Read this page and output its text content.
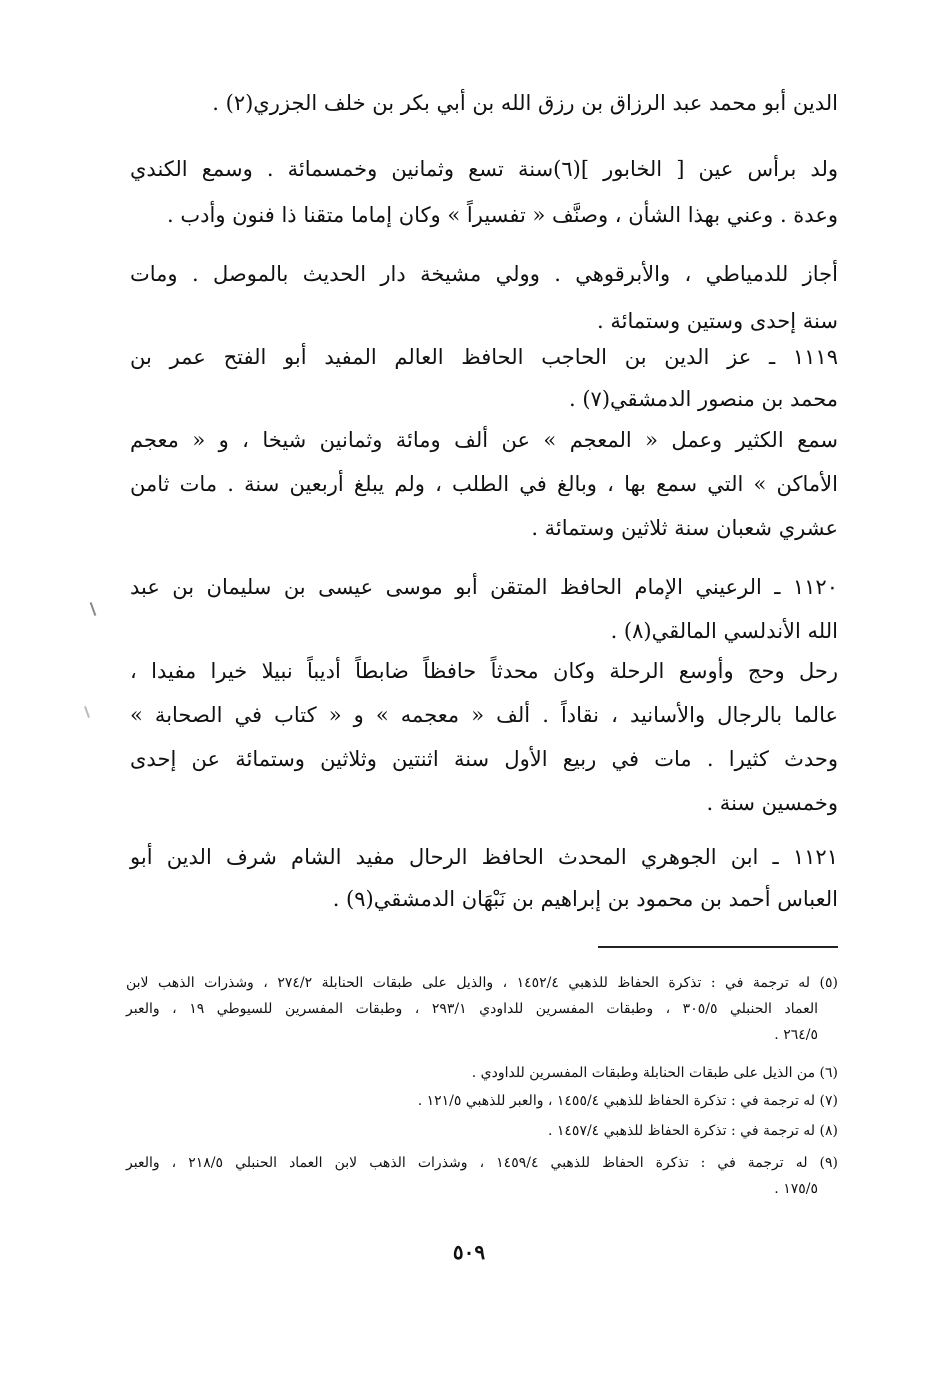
الدين أبو محمد عبد الرزاق بن رزق الله بن أبي بكر بن خلف الجزري(٢) .
ولد برأس عين [ الخابور ](٦)سنة تسع وثمانين وخمسمائة . وسمع الكندي
وعدة . وعني بهذا الشأن ، وصنَّف « تفسيراً » وكان إماما متقنا ذا فنون وأدب .
أجاز للدمياطي ، والأبرقوهي . وولي مشيخة دار الحديث بالموصل . ومات
سنة إحدى وستين وستمائة .
١١١٩ ـ عز الدين بن الحاجب الحافظ العالم المفيد أبو الفتح عمر بن
محمد بن منصور الدمشقي(٧) .
سمع الكثير وعمل « المعجم » عن ألف ومائة وثمانين شيخا ، و « معجم
الأماكن » التي سمع بها ، وبالغ في الطلب ، ولم يبلغ أربعين سنة . مات ثامن
عشري شعبان سنة ثلاثين وستمائة .
١١٢٠ ـ الرعيني الإمام الحافظ المتقن أبو موسى عيسى بن سليمان بن عبد
الله الأندلسي المالقي(٨) .
رحل وحج وأوسع الرحلة وكان محدثاً حافظاً ضابطاً أديباً نبيلا خيرا مفيدا ،
عالما بالرجال والأسانيد ، نقاداً . ألف « معجمه » و « كتاب في الصحابة »
وحدث كثيرا . مات في ربيع الأول سنة اثنتين وثلاثين وستمائة عن إحدى
وخمسين سنة .
١١٢١ ـ ابن الجوهري المحدث الحافظ الرحال مفيد الشام شرف الدين أبو
العباس أحمد بن محمود بن إبراهيم بن نَبْهَان الدمشقي(٩) .
(٥) له ترجمة في : تذكرة الحفاظ للذهبي ١٤٥٢/٤ ، والذيل على طبقات الحنابلة ٢٧٤/٢ ، وشذرات الذهب لابن
العماد الحنبلي ٣٠٥/٥ ، وطبقات المفسرين للداودي ٢٩٣/١ ، وطبقات المفسرين للسيوطي ١٩ ، والعبر
٢٦٤/٥ .
(٦) من الذيل على طبقات الحنابلة وطبقات المفسرين للداودي .
(٧) له ترجمة في : تذكرة الحفاظ للذهبي ١٤٥٥/٤ ، والعبر للذهبي ١٢١/٥ .
(٨) له ترجمة في : تذكرة الحفاظ للذهبي ١٤٥٧/٤ .
(٩) له ترجمة في : تذكرة الحفاظ للذهبي ١٤٥٩/٤ ، وشذرات الذهب لابن العماد الحنبلي ٢١٨/٥ ، والعبر
١٧٥/٥ .
٥٠٩
